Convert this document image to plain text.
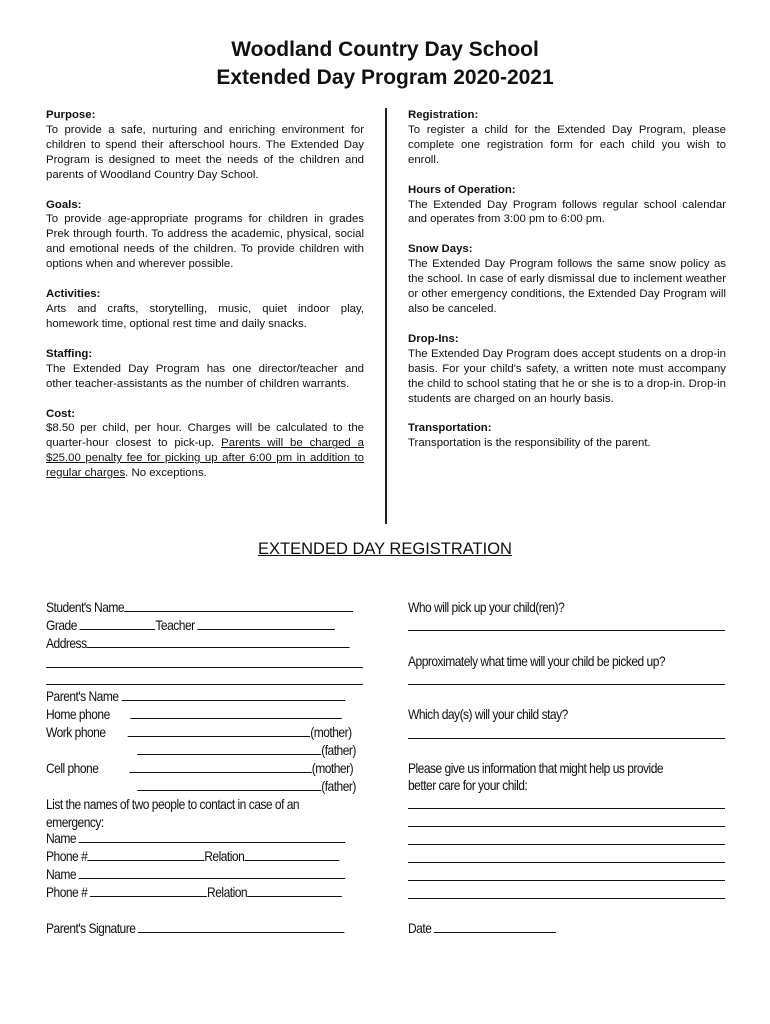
Woodland Country Day School
Extended Day Program 2020-2021
Purpose:

To provide a safe, nurturing and enriching environment for children to spend their afterschool hours. The Extended Day Program is designed to meet the needs of the children and parents of Woodland Country Day School.

Goals:

To provide age-appropriate programs for children in grades Prek through fourth. To address the academic, physical, social and emotional needs of the children. To provide children with options when and wherever possible.

Activities:

Arts and crafts, storytelling, music, quiet indoor play, homework time, optional rest time and daily snacks.

Staffing:

The Extended Day Program has one director/teacher and other teacher-assistants as the number of children warrants.

Cost:

$8.50 per child, per hour. Charges will be calculated to the quarter-hour closest to pick-up. Parents will be charged a $25.00 penalty fee for picking up after 6:00 pm in addition to regular charges. No exceptions.

Registration:

To register a child for the Extended Day Program, please complete one registration form for each child you wish to enroll.

Hours of Operation:

The Extended Day Program follows regular school calendar and operates from 3:00 pm to 6:00 pm.

Snow Days:

The Extended Day Program follows the same snow policy as the school. In case of early dismissal due to inclement weather or other emergency conditions, the Extended Day Program will also be canceled.

Drop-Ins:

The Extended Day Program does accept students on a drop-in basis. For your child's safety, a written note must accompany the child to school stating that he or she is to a drop-in. Drop-in students are charged on an hourly basis.

Transportation:

Transportation is the responsibility of the parent.

EXTENDED DAY REGISTRATION
Student's Name
Grade	Teacher
Address
Parent's Name
Home phone
Work phone	(mother)
(father)
Cell phone	(mother)
(father)
List the names of two people to contact in case of an
emergency:
Name
Phone #	Relation
Name
Phone #	Relation
Parent's Signature
Who will pick up your child(ren)?
Approximately what time will your child be picked up?
Which day(s) will your child stay?
Please give us information that might help us provide
better care for your child:
Date
